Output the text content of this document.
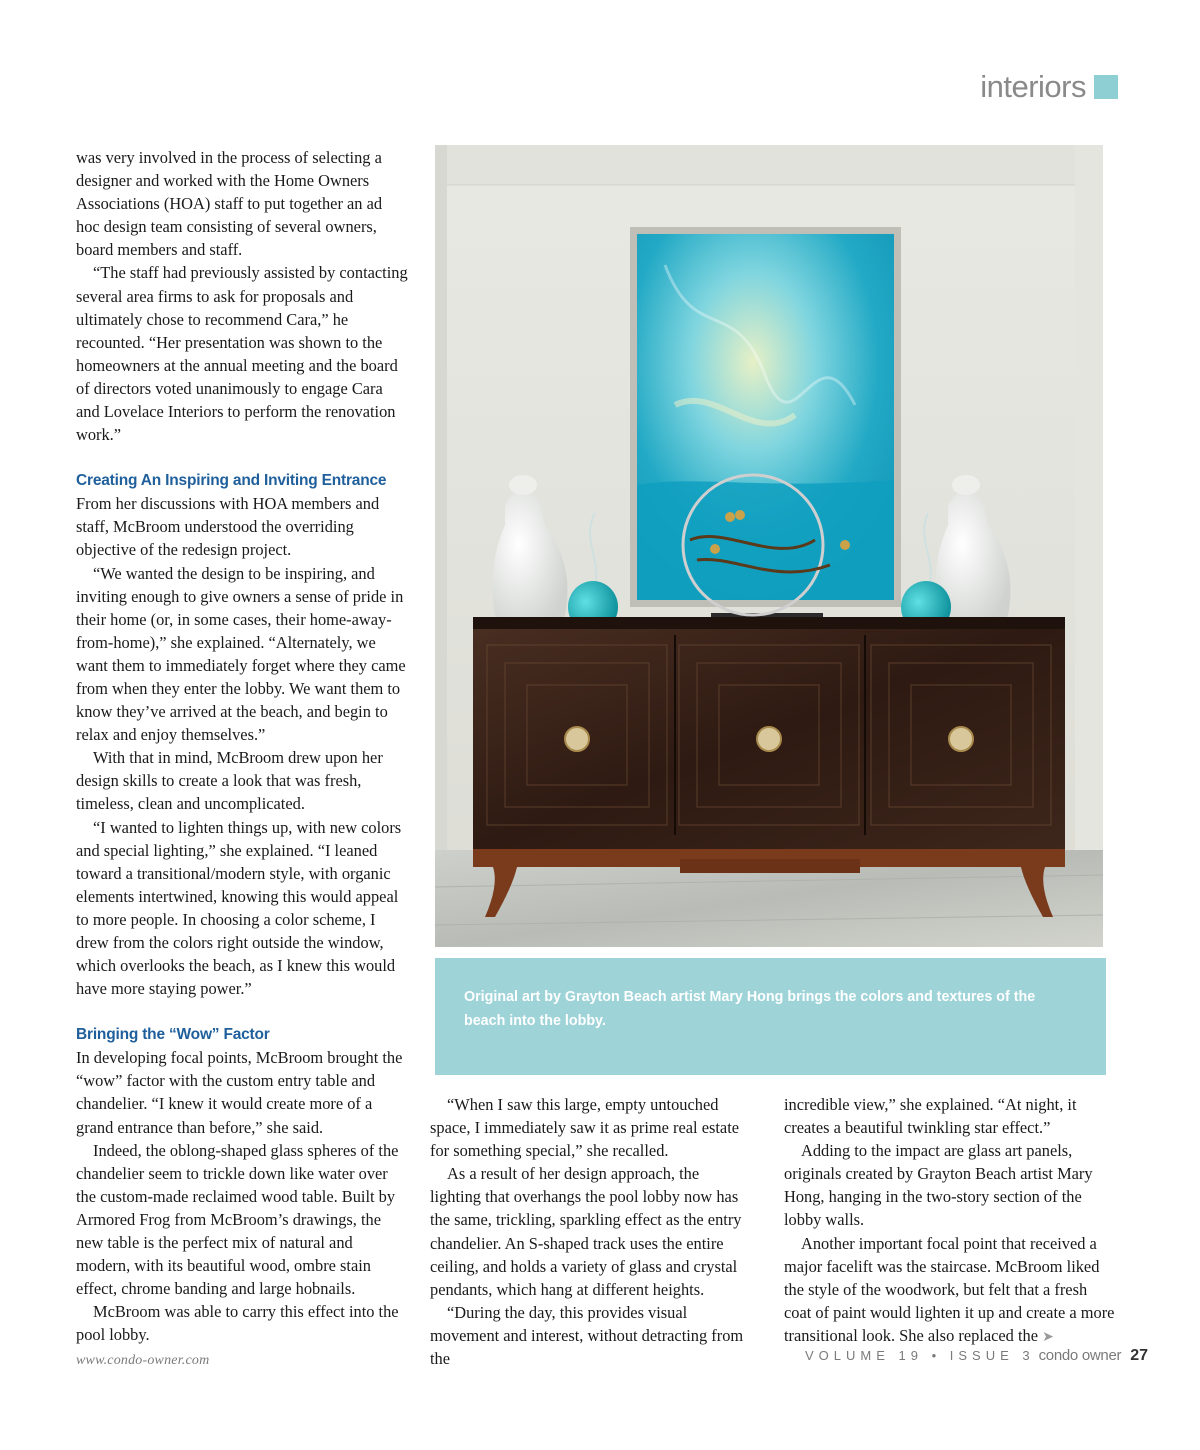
interiors

was very involved in the process of selecting a designer and worked with the Home Owners Associations (HOA) staff to put together an ad hoc design team consisting of several owners, board members and staff.

“The staff had previously assisted by contacting several area firms to ask for proposals and ultimately chose to recommend Cara,” he recounted. “Her presentation was shown to the homeowners at the annual meeting and the board of directors voted unanimously to engage Cara and Lovelace Interiors to perform the renovation work.”

Creating An Inspiring and Inviting Entrance

From her discussions with HOA members and staff, McBroom understood the overriding objective of the redesign project.

“We wanted the design to be inspiring, and inviting enough to give owners a sense of pride in their home (or, in some cases, their home-away-from-home),” she explained. “Alternately, we want them to immediately forget where they came from when they enter the lobby. We want them to know they’ve arrived at the beach, and begin to relax and enjoy themselves.”

With that in mind, McBroom drew upon her design skills to create a look that was fresh, timeless, clean and uncomplicated.

“I wanted to lighten things up, with new colors and special lighting,” she explained. “I leaned toward a transitional/modern style, with organic elements intertwined, knowing this would appeal to more people. In choosing a color scheme, I drew from the colors right outside the window, which overlooks the beach, as I knew this would have more staying power.”

Bringing the “Wow” Factor

In developing focal points, McBroom brought the “wow” factor with the custom entry table and chandelier. “I knew it would create more of a grand entrance than before,” she said.

Indeed, the oblong-shaped glass spheres of the chandelier seem to trickle down like water over the custom-made reclaimed wood table. Built by Armored Frog from McBroom’s drawings, the new table is the perfect mix of natural and modern, with its beautiful wood, ombre stain effect, chrome banding and large hobnails.

McBroom was able to carry this effect into the pool lobby.

Original art by Grayton Beach artist Mary Hong brings the colors and textures of the beach into the lobby.

“When I saw this large, empty untouched space, I immediately saw it as prime real estate for something special,” she recalled.

As a result of her design approach, the lighting that overhangs the pool lobby now has the same, trickling, sparkling effect as the entry chandelier. An S-shaped track uses the entire ceiling, and holds a variety of glass and crystal pendants, which hang at different heights.

“During the day, this provides visual movement and interest, without detracting from the

incredible view,” she explained. “At night, it creates a beautiful twinkling star effect.”

Adding to the impact are glass art panels, originals created by Grayton Beach artist Mary Hong, hanging in the two-story section of the lobby walls.

Another important focal point that received a major facelift was the staircase. McBroom liked the style of the woodwork, but felt that a fresh coat of paint would lighten it up and create a more transitional look. She also replaced the ➤

www.condo-owner.com	VOLUME 19 • ISSUE 3 condo owner 27
